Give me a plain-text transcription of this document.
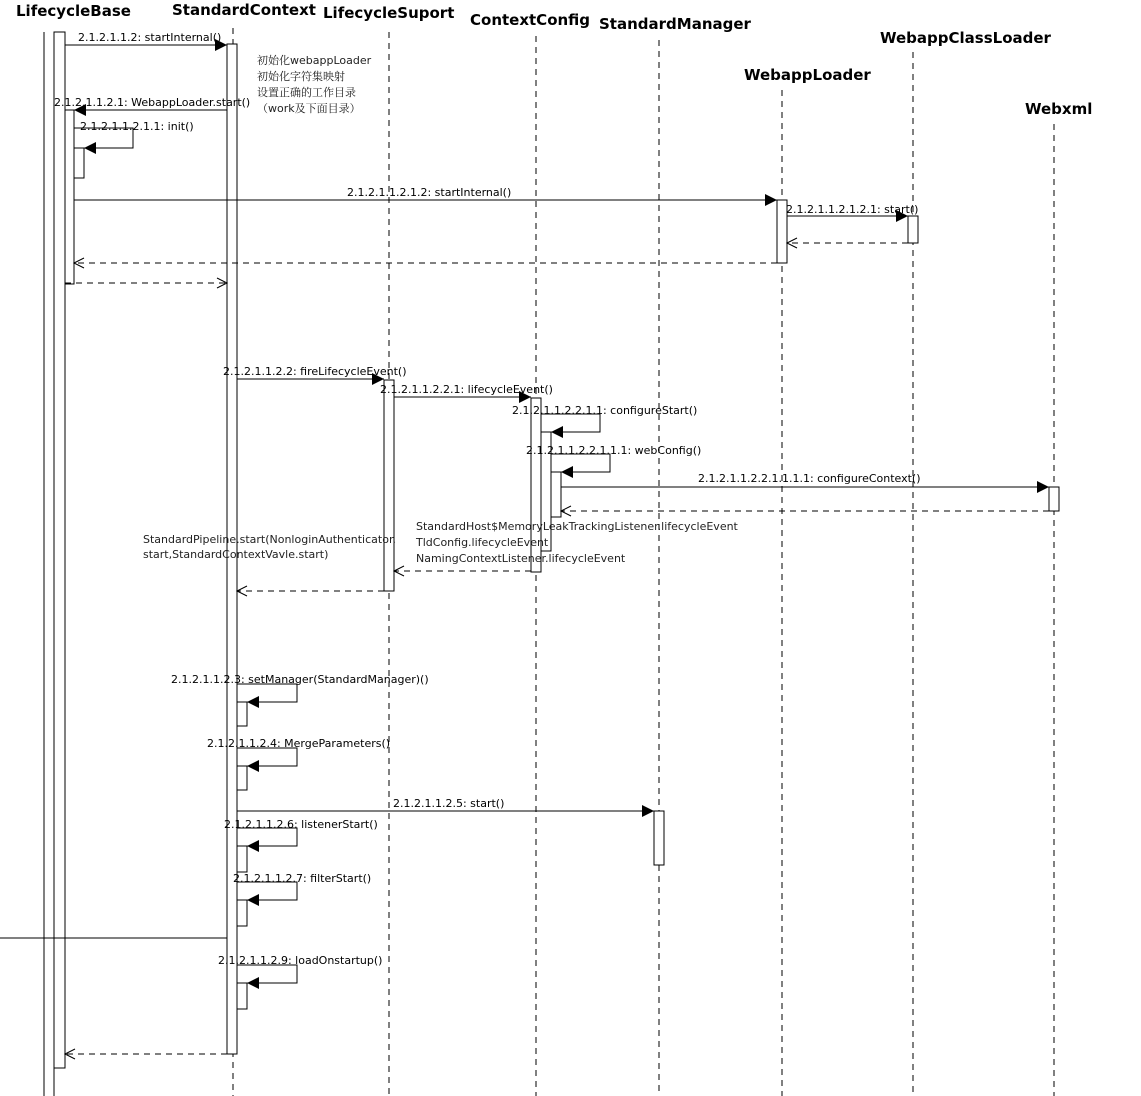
LifecycleBase	StandardContext LifecycleSuport ContextConfig StandardManager
WebappClassLoader
WebappLoader
Webxml
2.1.2.1.1.2: startInternal()
2.1.2.1.1.2.1: WebappLoader.start()
2.1.2.1.1.2.1.1: init()
2.1.2.1.1.2.1.2: startInternal()
2.1.2.1.1.2.1.2.1: start()
2.1.2.1.1.2.2: fireLifecycleEvent()
2.1.2.1.1.2.2.1: lifecycleEvent()
2.1.2.1.1.2.2.1.1: configureStart()
2.1.2.1.1.2.2.1.1.1: webConfig()
2.1.2.1.1.2.2.1.1.1.1: configureContext()
2.1.2.1.1.2.3: setManager(StandardManager)()
2.1.2.1.1.2.4: MergeParameters()
2.1.2.1.1.2.5: start()
2.1.2.1.1.2.6: listenerStart()
2.1.2.1.1.2.7: filterStart()
2.1.2.1.1.2.9: loadOnstartup()
初始化webappLoader
初始化字符集映射
设置正确的工作目录
（work及下面目录）
StandardHost$MemoryLeakTrackingListener.lifecycleEvent
TldConfig.lifecycleEvent
NamingContextListener.lifecycleEvent
StandardPipeline.start(NonloginAuthenticator.
start,StandardContextVavle.start)
